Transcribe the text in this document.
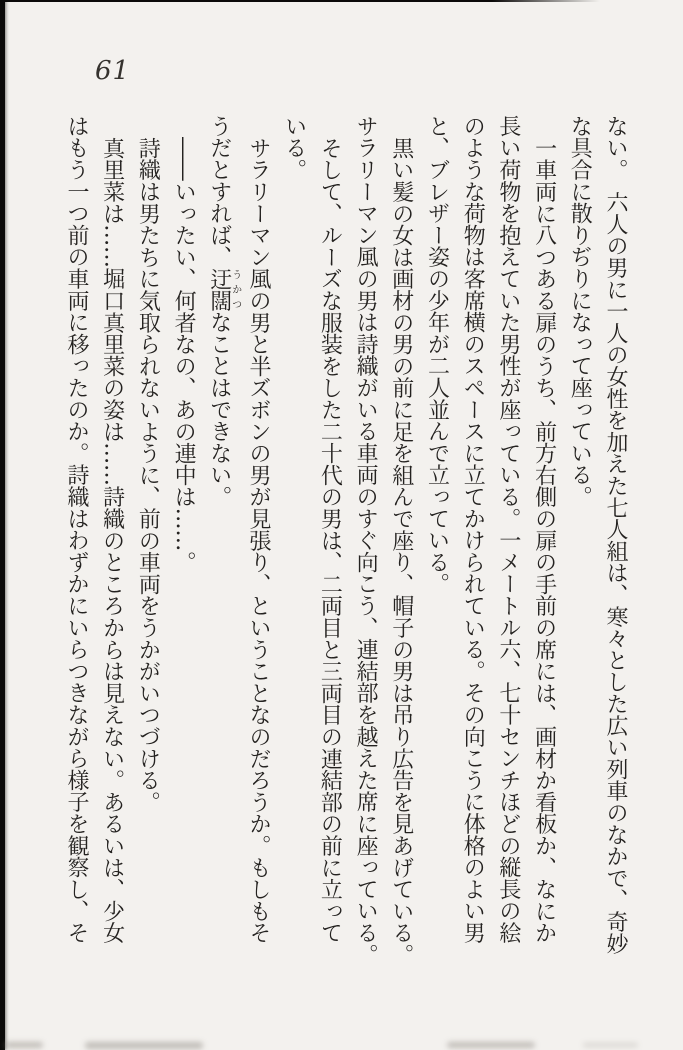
61

ない。　六人の男に一人の女性を加えた七人組は、寒々とした広い列車のなかで、奇妙

な具合に散りぢりになって座っている。

一車両に八つある扉のうち、前方右側の扉の手前の席には、画材か看板か、なにか

長い荷物を抱えていた男性が座っている。一メートル六、七十センチほどの縦長の絵

のような荷物は客席横のスペースに立てかけられている。その向こうに体格のよい男

と、ブレザー姿の少年が二人並んで立っている。

黒い髪の女は画材の男の前に足を組んで座り、帽子の男は吊り広告を見あげている。

サラリーマン風の男は詩織がいる車両のすぐ向こう、連結部を越えた席に座っている。

そして、ルーズな服装をした二十代の男は、二両目と三両目の連結部の前に立って

いる。

サラリーマン風の男と半ズボンの男が見張り、ということなのだろうか。もしもそ

うだとすれば、迂闊うかつなことはできない。

――いったい、何者なの、あの連中は……。

詩織は男たちに気取られないように、前の車両をうかがいつづける。

真里菜は……堀口真里菜の姿は……詩織のところからは見えない。あるいは、少女

はもう一つ前の車両に移ったのか。詩織はわずかにいらつきながら様子を観察し、そ
